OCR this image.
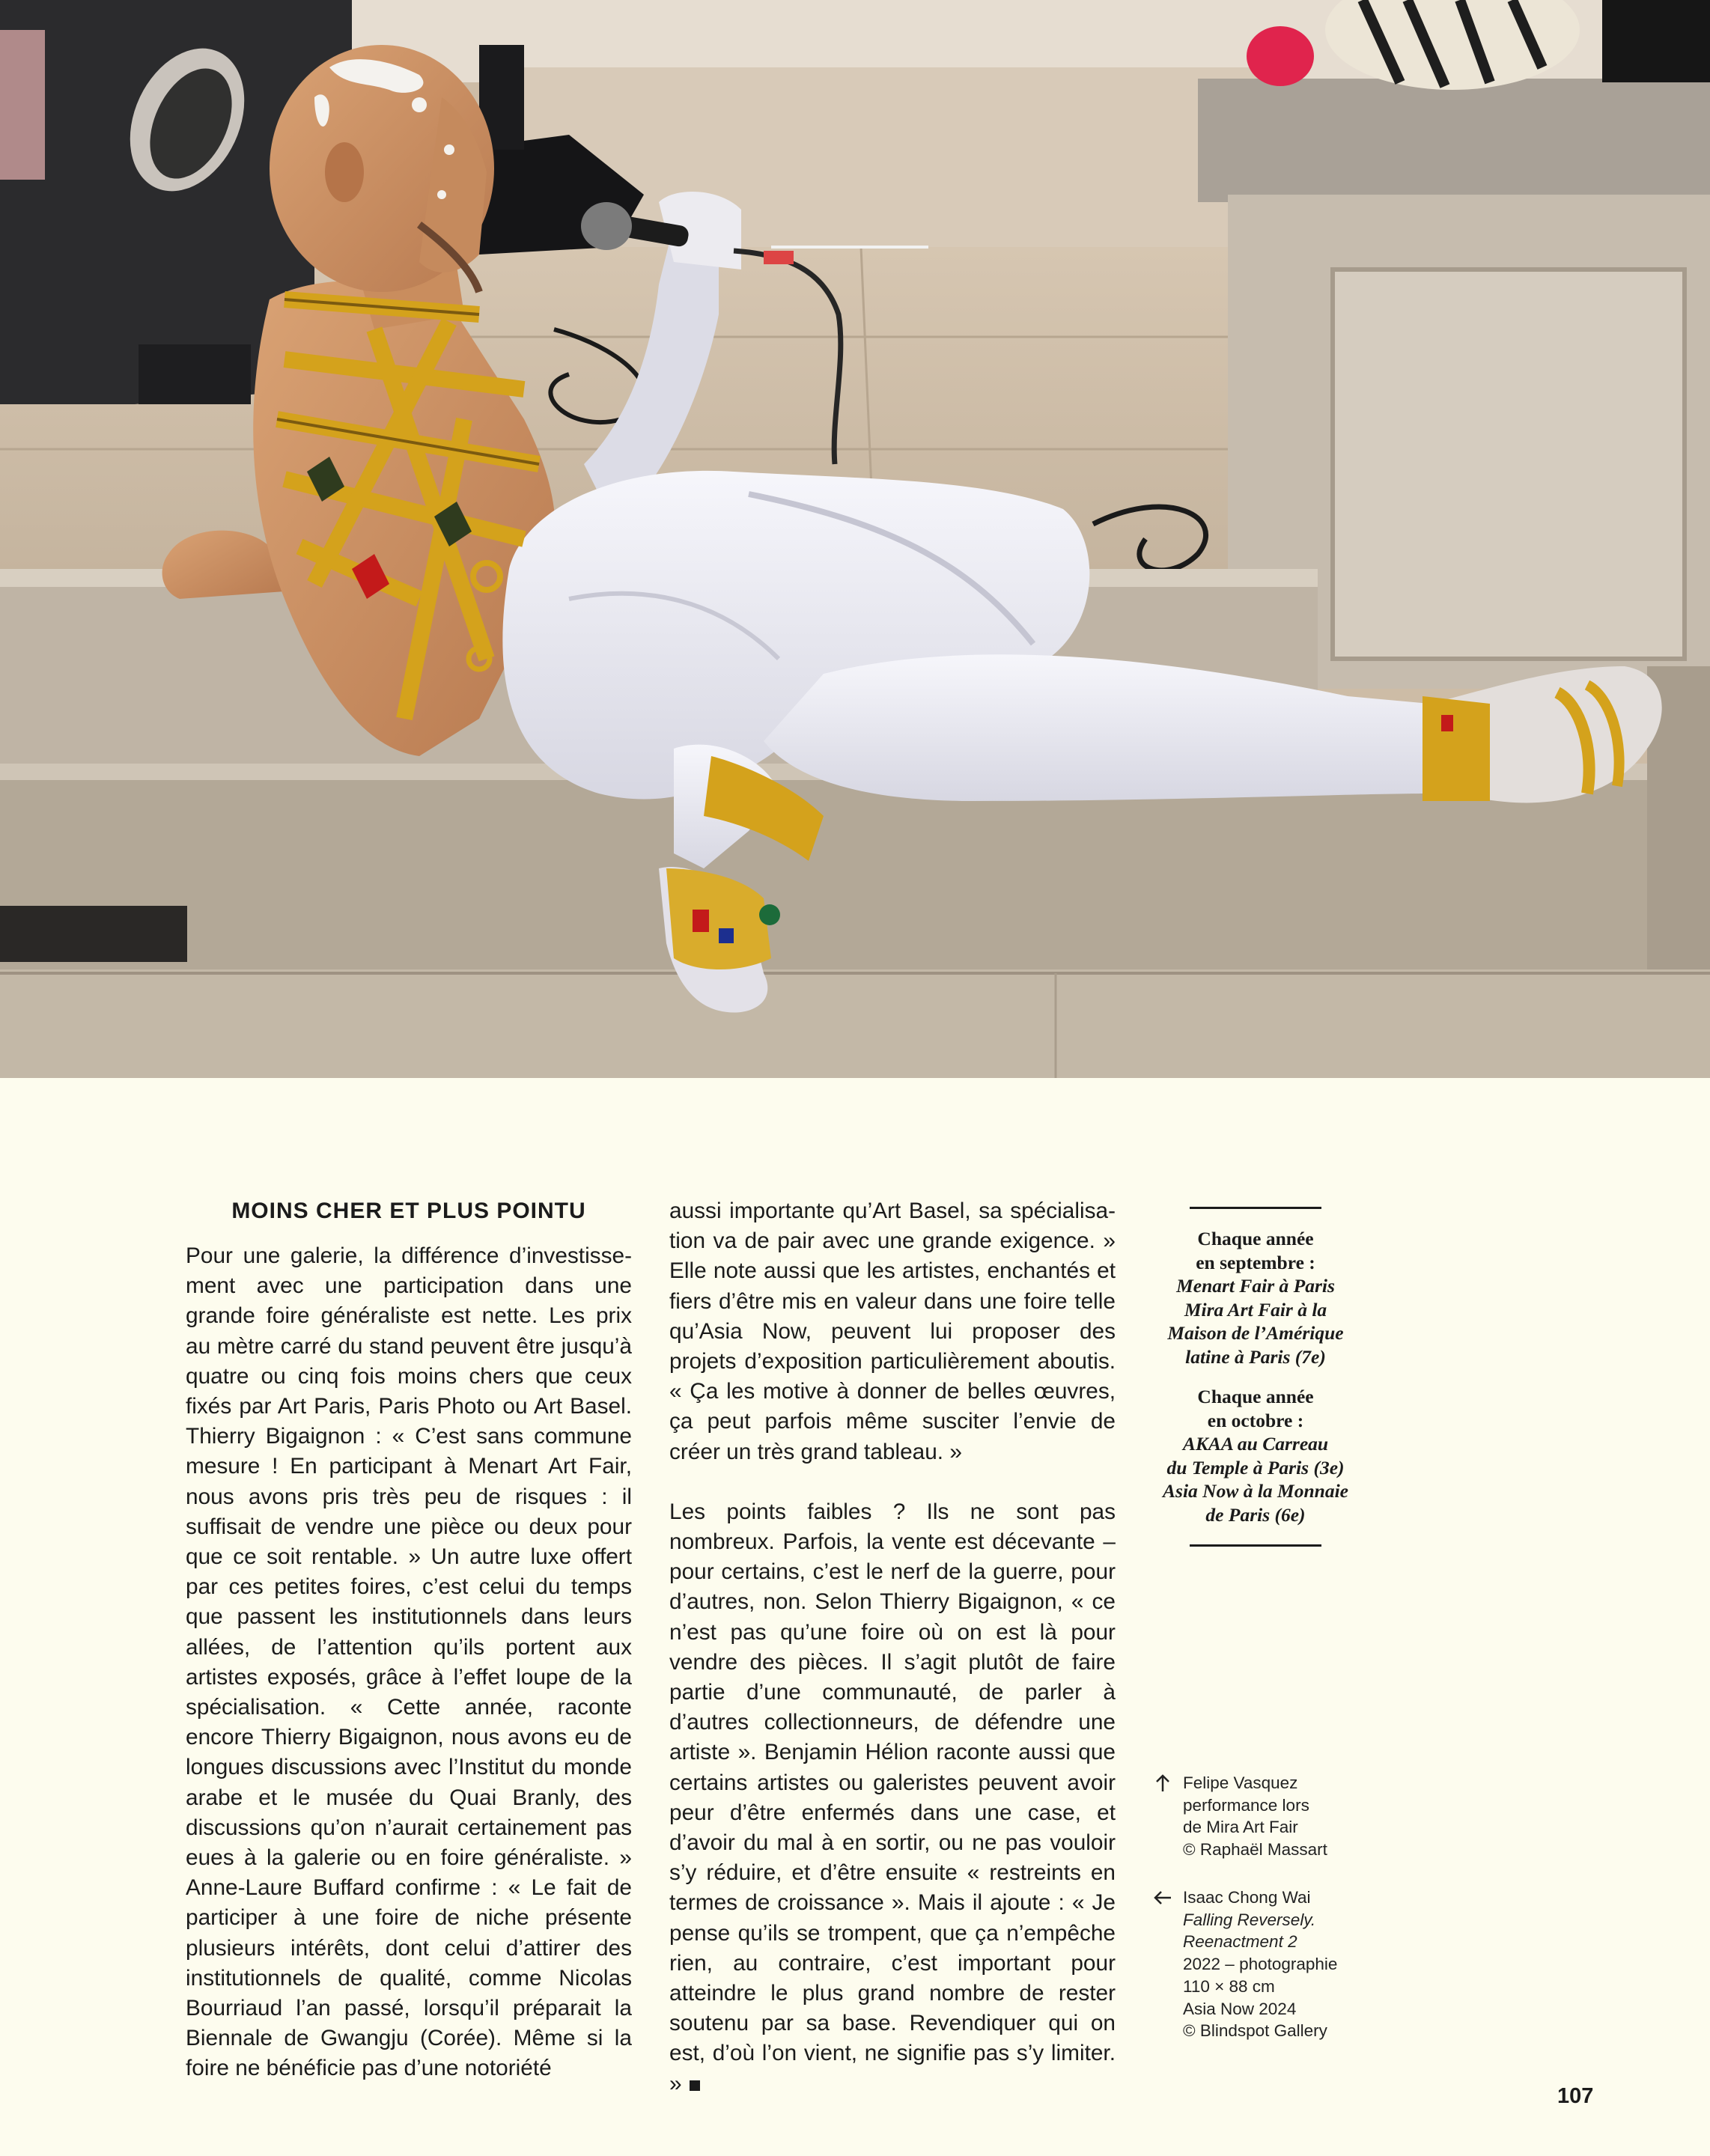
MOINS CHER ET PLUS POINTU

Pour une galerie, la différence d’investissement avec une participation dans une grande foire généraliste est nette. Les prix au mètre carré du stand peuvent être jusqu’à quatre ou cinq fois moins chers que ceux fixés par Art Paris, Paris Photo ou Art Basel. Thierry Bigaignon : « C’est sans commune mesure ! En participant à Menart Art Fair, nous avons pris très peu de risques : il suffisait de vendre une pièce ou deux pour que ce soit rentable. » Un autre luxe offert par ces petites foires, c’est celui du temps que passent les institutionnels dans leurs allées, de l’attention qu’ils portent aux artistes exposés, grâce à l’effet loupe de la spécialisation. « Cette année, raconte encore Thierry Bigaignon, nous avons eu de longues discussions avec l’Institut du monde arabe et le musée du Quai Branly, des discussions qu’on n’aurait certainement pas eues à la galerie ou en foire généraliste. » Anne-Laure Buffard confirme : « Le fait de participer à une foire de niche présente plusieurs intérêts, dont celui d’attirer des institutionnels de qualité, comme Nicolas Bourriaud l’an passé, lorsqu’il préparait la Biennale de Gwangju (Corée). Même si la foire ne bénéficie pas d’une notoriété

aussi importante qu’Art Basel, sa spécialisation va de pair avec une grande exigence. » Elle note aussi que les artistes, enchantés et fiers d’être mis en valeur dans une foire telle qu’Asia Now, peuvent lui proposer des projets d’exposition particulièrement aboutis. « Ça les motive à donner de belles œuvres, ça peut parfois même susciter l’envie de créer un très grand tableau. »

Les points faibles ? Ils ne sont pas nombreux. Parfois, la vente est décevante – pour certains, c’est le nerf de la guerre, pour d’autres, non. Selon Thierry Bigaignon, « ce n’est pas qu’une foire où on est là pour vendre des pièces. Il s’agit plutôt de faire partie d’une communauté, de parler à d’autres collectionneurs, de défendre une artiste ». Benjamin Hélion raconte aussi que certains artistes ou galeristes peuvent avoir peur d’être enfermés dans une case, et d’avoir du mal à en sortir, ou ne pas vouloir s’y réduire, et d’être ensuite « restreints en termes de croissance ». Mais il ajoute : « Je pense qu’ils se trompent, que ça n’empêche rien, au contraire, c’est important pour atteindre le plus grand nombre de rester soutenu par sa base. Revendiquer qui on est, d’où l’on vient, ne signifie pas s’y limiter. »

Chaque année
en septembre :
Menart Fair à Paris
Mira Art Fair à la
Maison de l’Amérique
latine à Paris (7e)
Chaque année
en octobre :
AKAA au Carreau
du Temple à Paris (3e)
Asia Now à la Monnaie
de Paris (6e)
Felipe Vasquez
performance lors
de Mira Art Fair
© Raphaël Massart
Isaac Chong Wai
Falling Reversely.
Reenactment 2
2022 – photographie
110 × 88 cm
Asia Now 2024
© Blindspot Gallery
107
